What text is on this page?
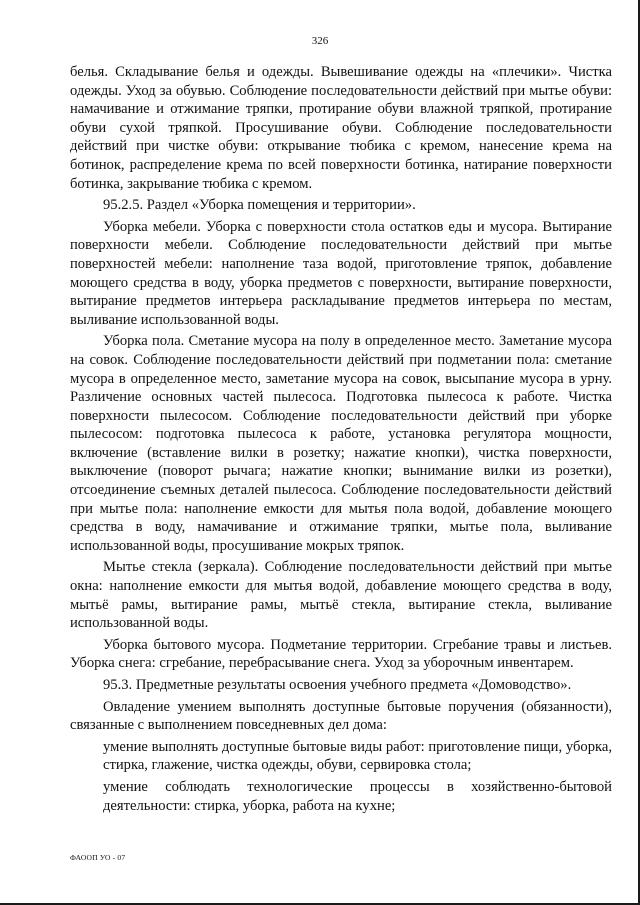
326

белья. Складывание белья и одежды. Вывешивание одежды на «плечики». Чистка одежды. Уход за обувью. Соблюдение последовательности действий при мытье обуви: намачивание и отжимание тряпки, протирание обуви влажной тряпкой, протирание обуви сухой тряпкой. Просушивание обуви. Соблюдение последовательности действий при чистке обуви: открывание тюбика с кремом, нанесение крема на ботинок, распределение крема по всей поверхности ботинка, натирание поверхности ботинка, закрывание тюбика с кремом.

95.2.5. Раздел «Уборка помещения и территории».

Уборка мебели. Уборка с поверхности стола остатков еды и мусора. Вытирание поверхности мебели. Соблюдение последовательности действий при мытье поверхностей мебели: наполнение таза водой, приготовление тряпок, добавление моющего средства в воду, уборка предметов с поверхности, вытирание поверхности, вытирание предметов интерьера раскладывание предметов интерьера по местам, выливание использованной воды.

Уборка пола. Сметание мусора на полу в определенное место. Заметание мусора на совок. Соблюдение последовательности действий при подметании пола: сметание мусора в определенное место, заметание мусора на совок, высыпание мусора в урну. Различение основных частей пылесоса. Подготовка пылесоса к работе. Чистка поверхности пылесосом. Соблюдение последовательности действий при уборке пылесосом: подготовка пылесоса к работе, установка регулятора мощности, включение (вставление вилки в розетку; нажатие кнопки), чистка поверхности, выключение (поворот рычага; нажатие кнопки; вынимание вилки из розетки), отсоединение съемных деталей пылесоса. Соблюдение последовательности действий при мытье пола: наполнение емкости для мытья пола водой, добавление моющего средства в воду, намачивание и отжимание тряпки, мытье пола, выливание использованной воды, просушивание мокрых тряпок.

Мытье стекла (зеркала). Соблюдение последовательности действий при мытье окна: наполнение емкости для мытья водой, добавление моющего средства в воду, мытьё рамы, вытирание рамы, мытьё стекла, вытирание стекла, выливание использованной воды.

Уборка бытового мусора. Подметание территории. Сгребание травы и листьев. Уборка снега: сгребание, перебрасывание снега. Уход за уборочным инвентарем.

95.3. Предметные результаты освоения учебного предмета «Домоводство».

Овладение умением выполнять доступные бытовые поручения (обязанности), связанные с выполнением повседневных дел дома:

умение выполнять доступные бытовые виды работ: приготовление пищи, уборка, стирка, глажение, чистка одежды, обуви, сервировка стола;

умение соблюдать технологические процессы в хозяйственно-бытовой деятельности: стирка, уборка, работа на кухне;

ФАООП УО - 07
